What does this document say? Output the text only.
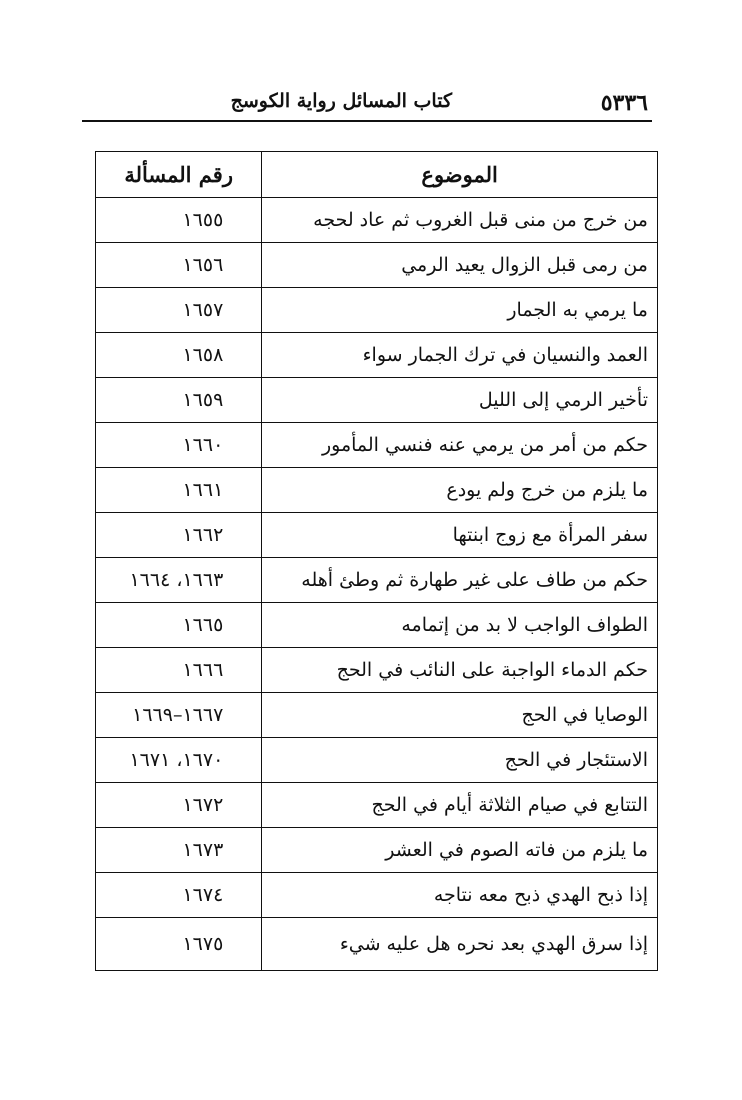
٥٣٣٦
كتاب المسائل رواية الكوسج
الموضوع	رقم المسألة
من خرج من منى قبل الغروب ثم عاد لحجه	١٦٥٥
من رمى قبل الزوال يعيد الرمي	١٦٥٦
ما يرمي به الجمار	١٦٥٧
العمد والنسيان في ترك الجمار سواء	١٦٥٨
تأخير الرمي إلى الليل	١٦٥٩
حكم من أمر من يرمي عنه فنسي المأمور	١٦٦٠
ما يلزم من خرج ولم يودع	١٦٦١
سفر المرأة مع زوج ابنتها	١٦٦٢
حكم من طاف على غير طهارة ثم وطئ أهله	١٦٦٣، ١٦٦٤
الطواف الواجب لا بد من إتمامه	١٦٦٥
حكم الدماء الواجبة على النائب في الحج	١٦٦٦
الوصايا في الحج	١٦٦٧–١٦٦٩
الاستئجار في الحج	١٦٧٠، ١٦٧١
التتابع في صيام الثلاثة أيام في الحج	١٦٧٢
ما يلزم من فاته الصوم في العشر	١٦٧٣
إذا ذبح الهدي ذبح معه نتاجه	١٦٧٤
إذا سرق الهدي بعد نحره هل عليه شيء	١٦٧٥
